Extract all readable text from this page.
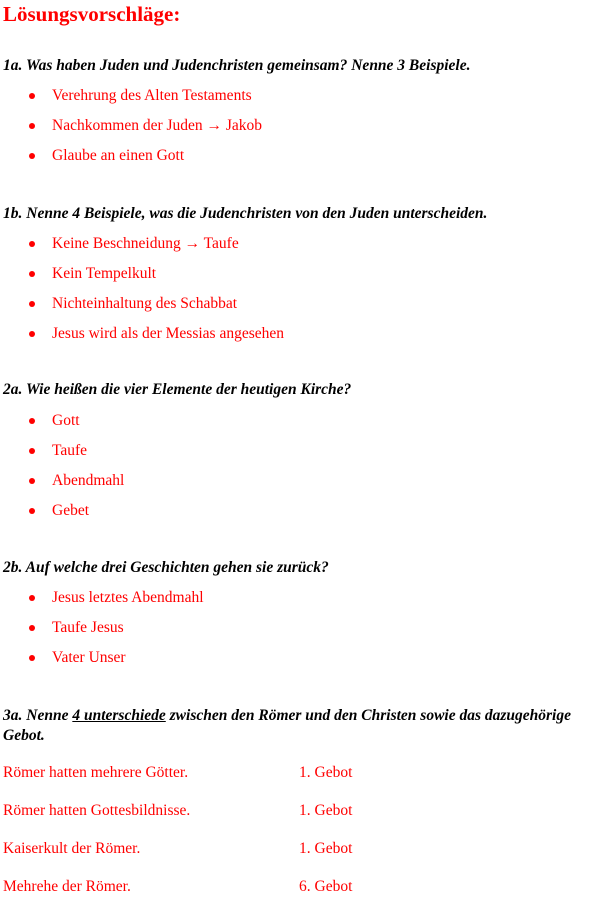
Lösungsvorschläge:
1a. Was haben Juden und Judenchristen gemeinsam? Nenne 3 Beispiele.
Verehrung des Alten Testaments
Nachkommen der Juden → Jakob
Glaube an einen Gott
1b. Nenne 4 Beispiele, was die Judenchristen von den Juden unterscheiden.
Keine Beschneidung → Taufe
Kein Tempelkult
Nichteinhaltung des Schabbat
Jesus wird als der Messias angesehen
2a. Wie heißen die vier Elemente der heutigen Kirche?
Gott
Taufe
Abendmahl
Gebet
2b. Auf welche drei Geschichten gehen sie zurück?
Jesus letztes Abendmahl
Taufe Jesus
Vater Unser
3a. Nenne 4 unterschiede zwischen den Römer und den Christen sowie das dazugehörige Gebot.
Römer hatten mehrere Götter.	1. Gebot
Römer hatten Gottesbildnisse.	1. Gebot
Kaiserkult der Römer.	1. Gebot
Mehrehe der Römer.	6. Gebot
